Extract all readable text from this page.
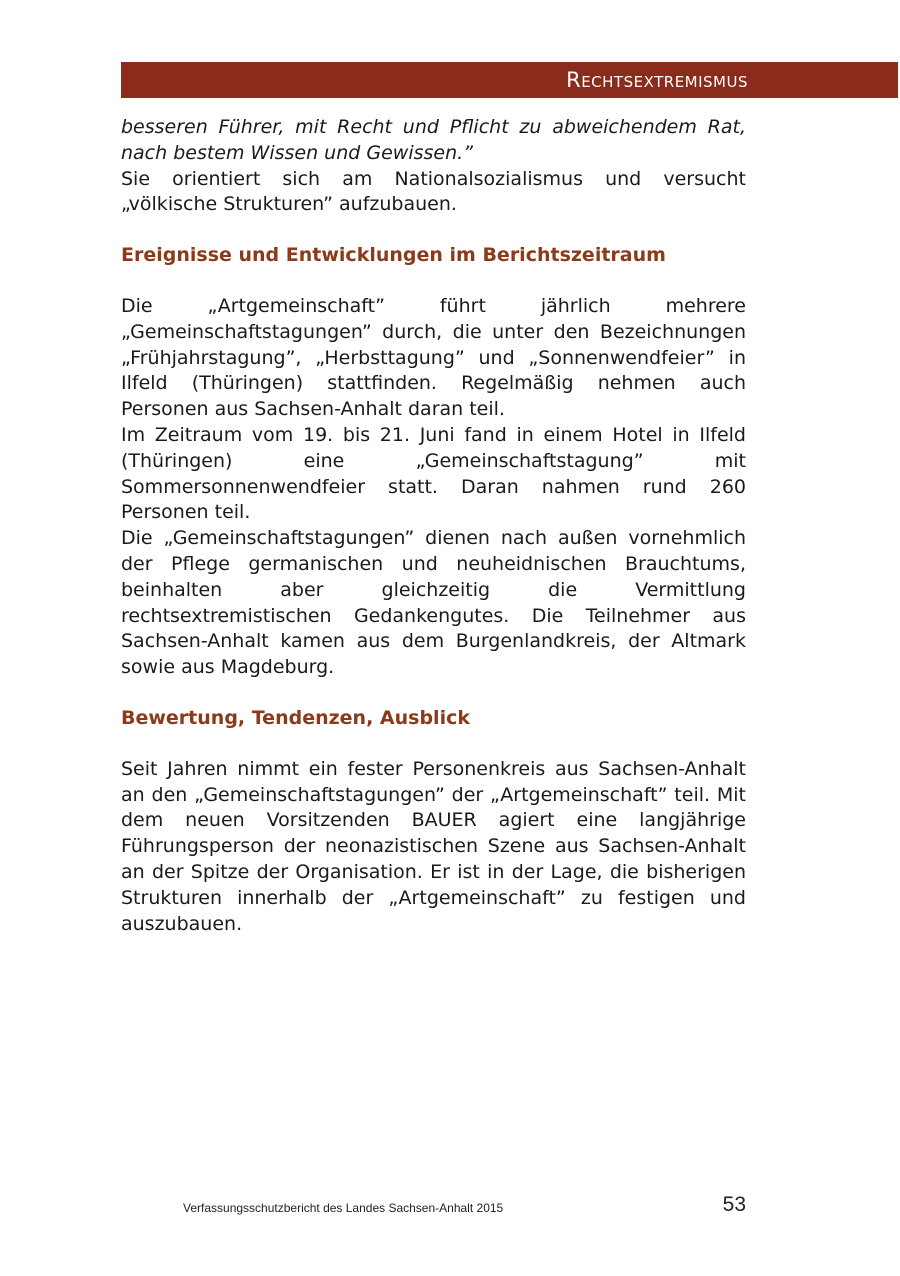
Rechtsextremismus

besseren Führer, mit Recht und Pflicht zu abweichendem Rat, nach bestem Wissen und Gewissen.”

Sie orientiert sich am Nationalsozialismus und versucht „völkische Strukturen” aufzubauen.

Ereignisse und Entwicklungen im Berichtszeitraum

Die „Artgemeinschaft” führt jährlich mehrere „Gemeinschaftstagungen” durch, die unter den Bezeichnungen „Frühjahrstagung”, „Herbsttagung” und „Sonnenwendfeier” in Ilfeld (Thüringen) stattfinden. Regelmäßig nehmen auch Personen aus Sachsen-Anhalt daran teil.

Im Zeitraum vom 19. bis 21. Juni fand in einem Hotel in Ilfeld (Thüringen) eine „Gemeinschaftstagung” mit Sommersonnenwendfeier statt. Daran nahmen rund 260 Personen teil.

Die „Gemeinschaftstagungen” dienen nach außen vornehmlich der Pflege germanischen und neuheidnischen Brauchtums, beinhalten aber gleichzeitig die Vermittlung rechtsextremistischen Gedankengutes. Die Teilnehmer aus Sachsen-Anhalt kamen aus dem Burgenlandkreis, der Altmark sowie aus Magdeburg.

Bewertung, Tendenzen, Ausblick

Seit Jahren nimmt ein fester Personenkreis aus Sachsen-Anhalt an den „Gemeinschaftstagungen” der „Artgemeinschaft” teil. Mit dem neuen Vorsitzenden BAUER agiert eine langjährige Führungsperson der neonazistischen Szene aus Sachsen-Anhalt an der Spitze der Organisation. Er ist in der Lage, die bisherigen Strukturen innerhalb der „Artgemeinschaft” zu festigen und auszubauen.

Verfassungsschutzbericht des Landes Sachsen-Anhalt 2015	53
